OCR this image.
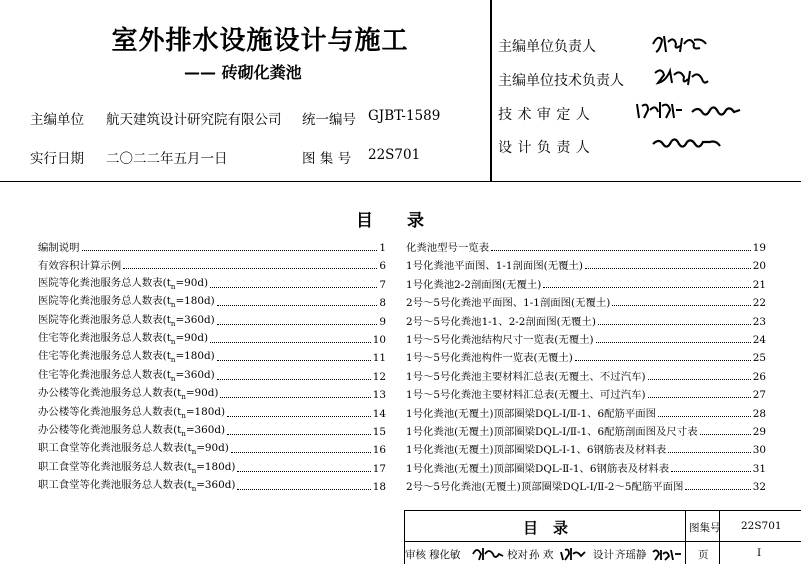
室外排水设施设计与施工
—— 砖砌化粪池
主编单位 航天建筑设计研究院有限公司 统一编号 GJBT-1589
实行日期 二〇二二年五月一日	图 集 号 22S701
主编单位负责人
主编单位技术负责人
技 术 审 定 人
设 计 负 责 人
目　　录
编制说明	1
有效容积计算示例	6
医院等化粪池服务总人数表$(t_n=90d)$	7
医院等化粪池服务总人数表$(t_n=180d)$	8
医院等化粪池服务总人数表$(t_n=360d)$	9
住宅等化粪池服务总人数表$(t_n=90d)$	10
住宅等化粪池服务总人数表$(t_n=180d)$	11
住宅等化粪池服务总人数表$(t_n=360d)$	12
办公楼等化粪池服务总人数表$(t_n=90d)$	13
办公楼等化粪池服务总人数表$(t_n=180d)$	14
办公楼等化粪池服务总人数表$(t_n=360d)$	15
职工食堂等化粪池服务总人数表$(t_n=90d)$	16
职工食堂等化粪池服务总人数表$(t_n=180d)$	17
职工食堂等化粪池服务总人数表$(t_n=360d)$	18
化粪池型号一览表	19
1号化粪池平面图、1-1剖面图(无覆土)	20
1号化粪池2-2剖面图(无覆土)	21
2号～5号化粪池平面图、1-1剖面图(无覆土)	22
2号～5号化粪池1-1、2-2剖面图(无覆土)	23
1号～5号化粪池结构尺寸一览表(无覆土)	24
1号～5号化粪池构件一览表(无覆土)	25
1号～5号化粪池主要材料汇总表(无覆土、不过汽车)	26
1号～5号化粪池主要材料汇总表(无覆土、可过汽车)	27
1号化粪池(无覆土)顶部圈梁DQL-Ⅰ/Ⅱ-1、6配筋平面图	28
1号化粪池(无覆土)顶部圈梁DQL-Ⅰ/Ⅱ-1、6配筋剖面图及尺寸表	29
1号化粪池(无覆土)顶部圈梁DQL-Ⅰ-1、6钢筋表及材料表	30
1号化粪池(无覆土)顶部圈梁DQL-Ⅱ-1、6钢筋表及材料表	31
2号～5号化粪池(无覆土)顶部圈梁DQL-Ⅰ/Ⅱ-2～5配筋平面图	32
目　录	图集号 22S701
审核 穆化敏	校对 孙 欢	设计 齐瑶静	页	Ⅰ
